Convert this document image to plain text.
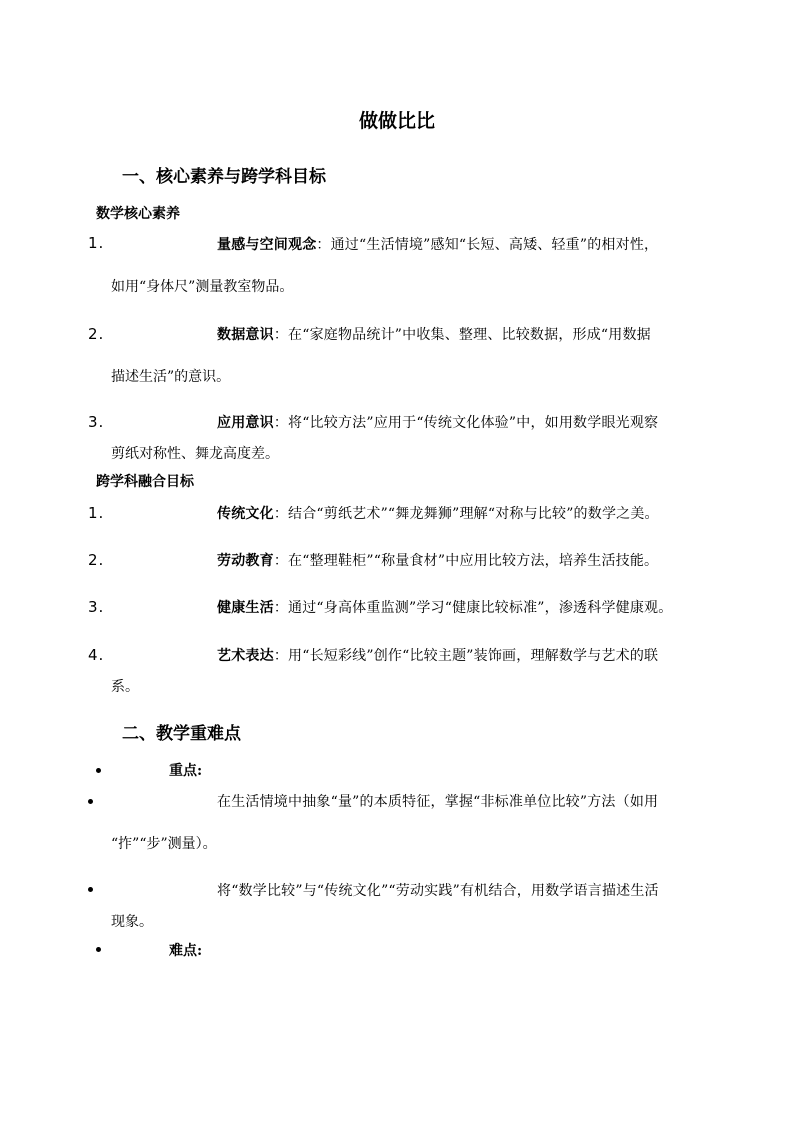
做做比比
一、核心素养与跨学科目标
数学核心素养
1.	量感与空间观念：通过“生活情境”感知“长短、高矮、轻重”的相对性，
如用“身体尺”测量教室物品。
2.	数据意识：在“家庭物品统计”中收集、整理、比较数据，形成“用数据
描述生活”的意识。
3.	应用意识：将“比较方法”应用于“传统文化体验”中，如用数学眼光观察
剪纸对称性、舞龙高度差。
跨学科融合目标
1.	传统文化：结合“剪纸艺术”“舞龙舞狮”理解“对称与比较”的数学之美。
2.	劳动教育：在“整理鞋柜”“称量食材”中应用比较方法，培养生活技能。
3.	健康生活：通过“身高体重监测”学习“健康比较标准”，渗透科学健康观。
4.	艺术表达：用“长短彩线”创作“比较主题”装饰画，理解数学与艺术的联
系。
二、教学重难点
重点:
在生活情境中抽象“量”的本质特征，掌握“非标准单位比较”方法（如用
“拃”“步”测量）。
将“数学比较”与“传统文化”“劳动实践”有机结合，用数学语言描述生活
现象。
难点:
